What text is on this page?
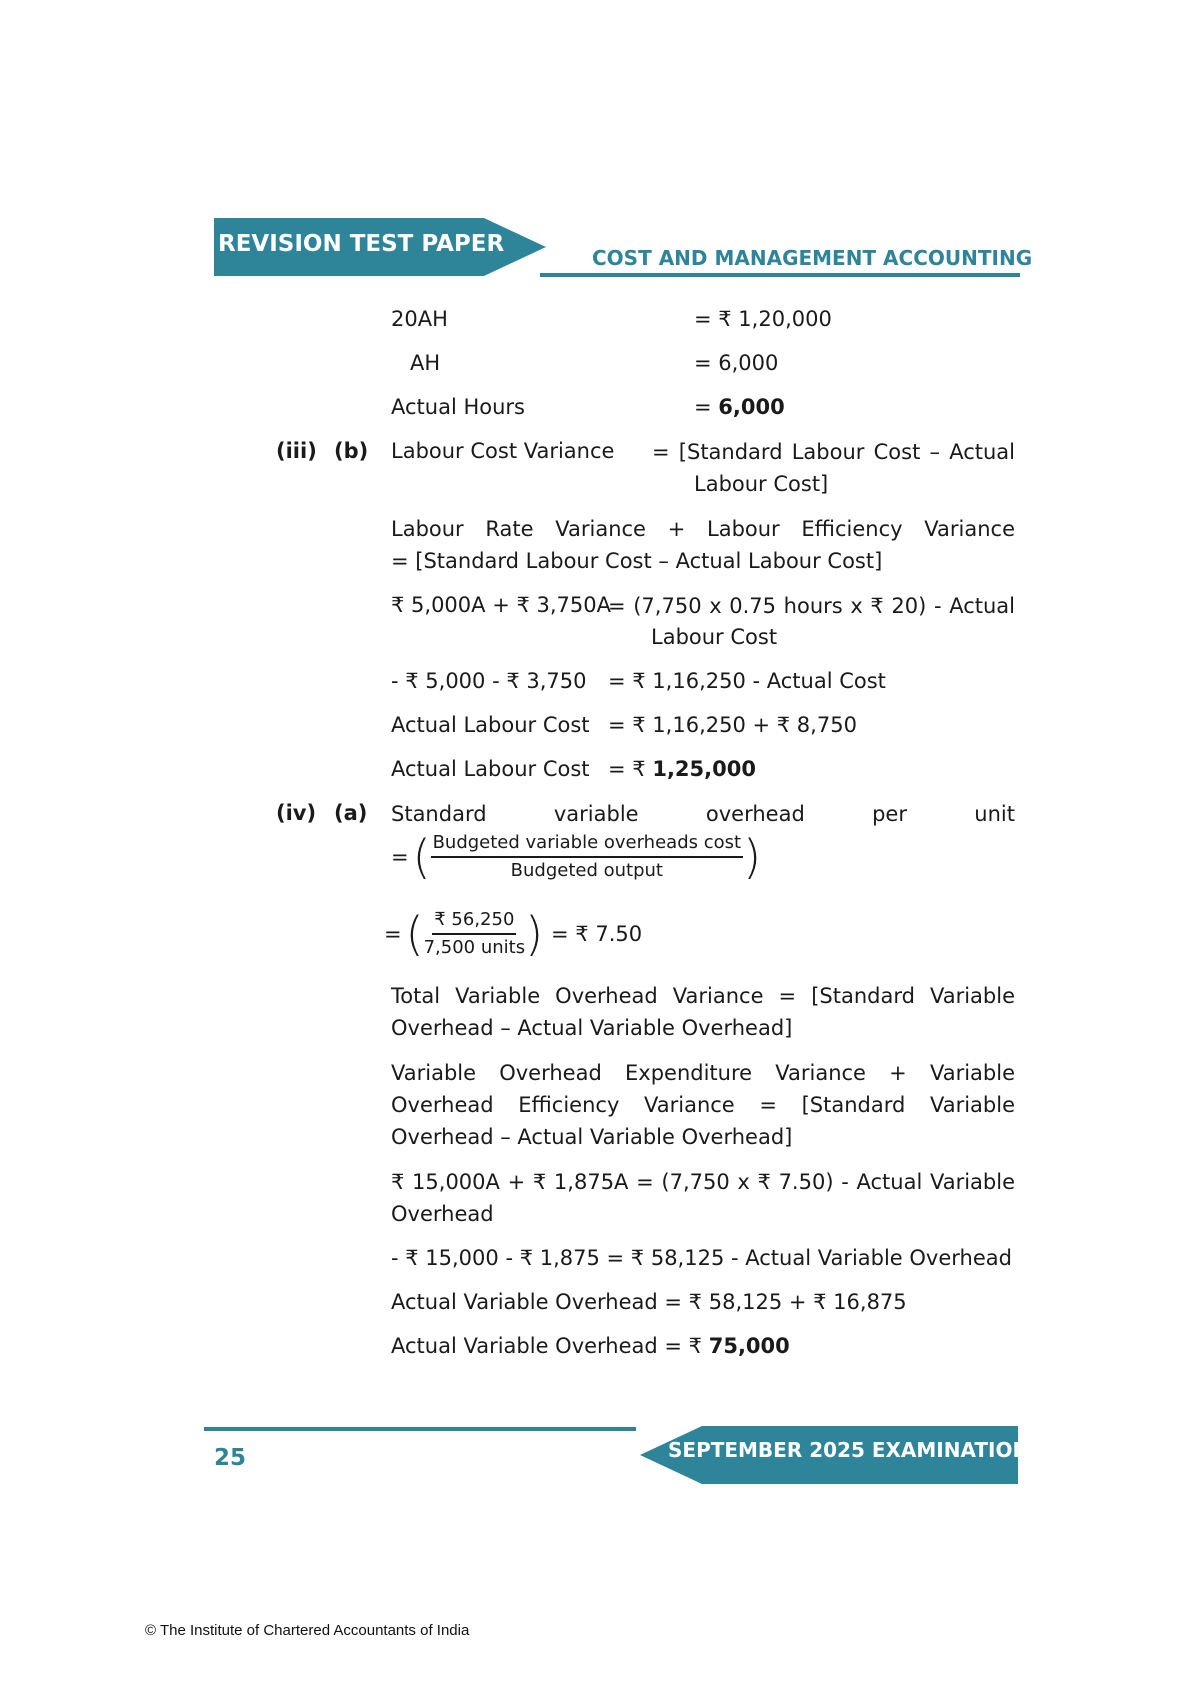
REVISION TEST PAPER
COST AND MANAGEMENT ACCOUNTING
20AH	= ₹ 1,20,000
AH	= 6,000
Actual Hours	= 6,000
(iii) (b) Labour Cost Variance = [Standard Labour Cost – Actual
Labour Cost]
Labour Rate Variance + Labour Efficiency Variance
= [Standard Labour Cost – Actual Labour Cost]
₹ 5,000A + ₹ 3,750A
= (7,750 x 0.75 hours x ₹ 20) - Actual
Labour Cost
- ₹ 5,000 - ₹ 3,750 = ₹ 1,16,250 - Actual Cost
Actual Labour Cost = ₹ 1,16,250 + ₹ 8,750
Actual Labour Cost = ₹ 1,25,000
(iv) (a) Standard variable overhead per unit
= ( Budgeted variable overheads cost
Budgeted output )
= ( ₹ 56,250
7,500 units ) = ₹ 7.50
Total Variable Overhead Variance = [Standard Variable Overhead – Actual Variable Overhead]
Variable Overhead Expenditure Variance + Variable Overhead Efficiency Variance = [Standard Variable Overhead – Actual Variable Overhead]
₹ 15,000A + ₹ 1,875A = (7,750 x ₹ 7.50) - Actual Variable Overhead
- ₹ 15,000 - ₹ 1,875 = ₹ 58,125 - Actual Variable Overhead
Actual Variable Overhead = ₹ 58,125 + ₹ 16,875
Actual Variable Overhead = ₹ 75,000
SEPTEMBER 2025 EXAMINATION
25
© The Institute of Chartered Accountants of India
